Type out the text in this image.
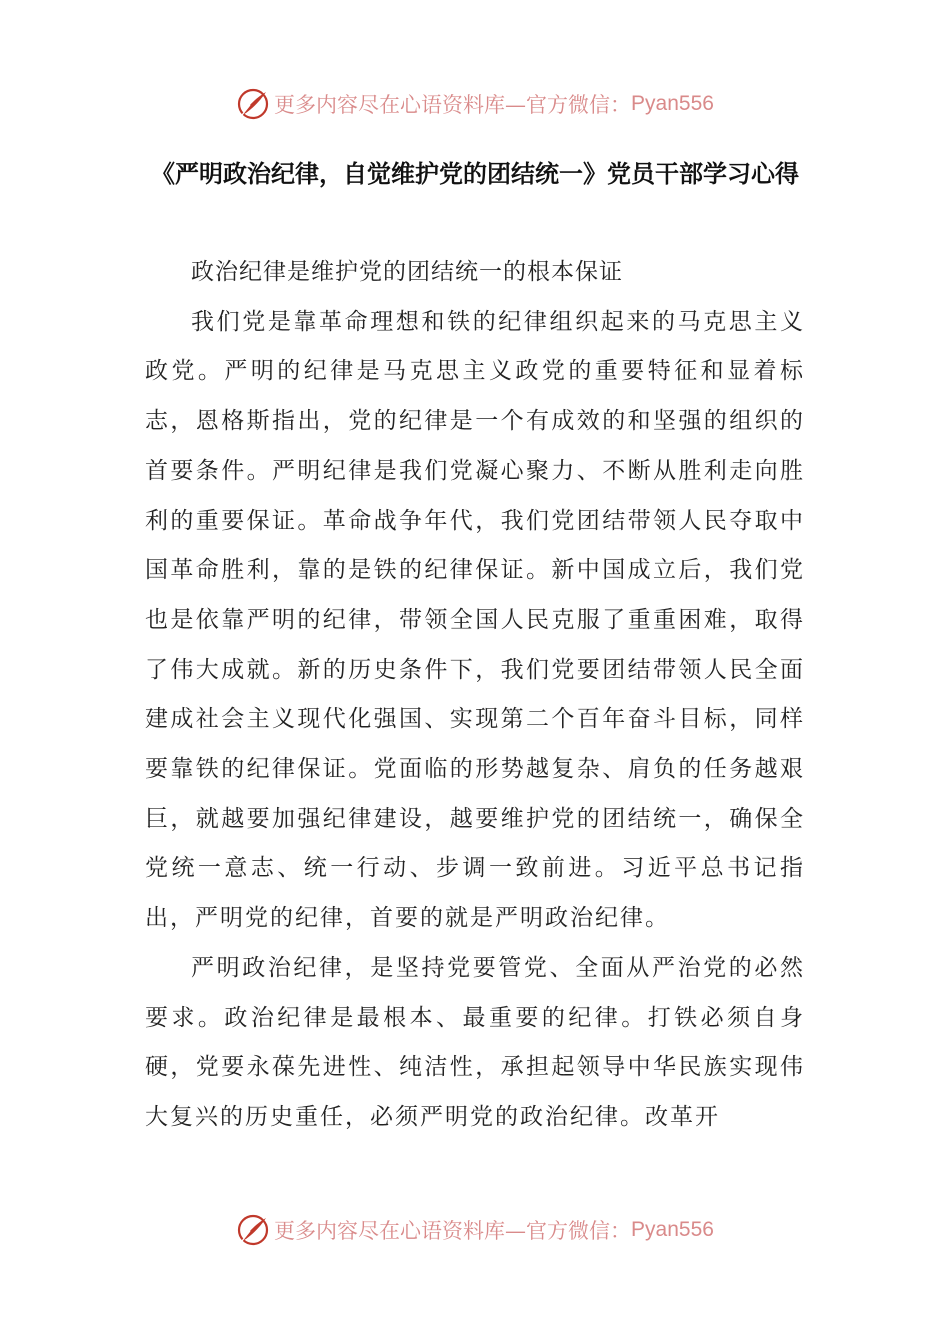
更多内容尽在心语资料库—官方微信： Pyan556
《严明政治纪律，自觉维护党的团结统一》党员干部学习心得

政治纪律是维护党的团结统一的根本保证

我们党是靠革命理想和铁的纪律组织起来的马克思主义政党。严明的纪律是马克思主义政党的重要特征和显着标志，恩格斯指出，党的纪律是一个有成效的和坚强的组织的首要条件。严明纪律是我们党凝心聚力、不断从胜利走向胜利的重要保证。革命战争年代，我们党团结带领人民夺取中国革命胜利，靠的是铁的纪律保证。新中国成立后，我们党也是依靠严明的纪律，带领全国人民克服了重重困难，取得了伟大成就。新的历史条件下，我们党要团结带领人民全面建成社会主义现代化强国、实现第二个百年奋斗目标，同样要靠铁的纪律保证。党面临的形势越复杂、肩负的任务越艰巨，就越要加强纪律建设，越要维护党的团结统一，确保全党统一意志、统一行动、步调一致前进。习近平总书记指出，严明党的纪律，首要的就是严明政治纪律。

严明政治纪律，是坚持党要管党、全面从严治党的必然要求。政治纪律是最根本、最重要的纪律。打铁必须自身硬，党要永葆先进性、纯洁性，承担起领导中华民族实现伟大复兴的历史重任，必须严明党的政治纪律。改革开

更多内容尽在心语资料库—官方微信： Pyan556
